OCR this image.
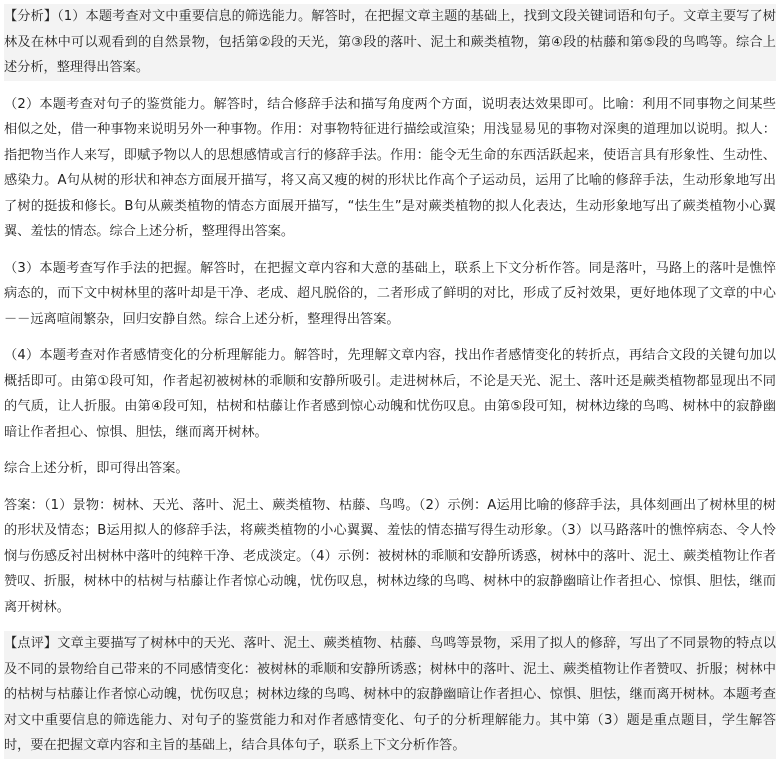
【分析】（1）本题考查对文中重要信息的筛选能力。解答时，在把握文章主题的基础上，找到文段关键词语和句子。文章主要写了树林及在林中可以观看到的自然景物，包括第②段的天光，第③段的落叶、泥土和蕨类植物，第④段的枯藤和第⑤段的鸟鸣等。综合上述分析，整理得出答案。

（2）本题考查对句子的鉴赏能力。解答时，结合修辞手法和描写角度两个方面，说明表达效果即可。比喻：利用不同事物之间某些相似之处，借一种事物来说明另外一种事物。作用：对事物特征进行描绘或渲染；用浅显易见的事物对深奥的道理加以说明。拟人：指把物当作人来写，即赋予物以人的思想感情或言行的修辞手法。作用：能令无生命的东西活跃起来，使语言具有形象性、生动性、感染力。A句从树的形状和神态方面展开描写，将又高又瘦的树的形状比作高个子运动员，运用了比喻的修辞手法，生动形象地写出了树的挺拔和修长。B句从蕨类植物的情态方面展开描写，“怯生生”是对蕨类植物的拟人化表达，生动形象地写出了蕨类植物小心翼翼、羞怯的情态。综合上述分析，整理得出答案。

（3）本题考查写作手法的把握。解答时，在把握文章内容和大意的基础上，联系上下文分析作答。同是落叶，马路上的落叶是憔悴病态的，而下文中树林里的落叶却是干净、老成、超凡脱俗的，二者形成了鲜明的对比，形成了反衬效果，更好地体现了文章的中心－－远离喧闹繁杂，回归安静自然。综合上述分析，整理得出答案。

（4）本题考查对作者感情变化的分析理解能力。解答时，先理解文章内容，找出作者感情变化的转折点，再结合文段的关键句加以概括即可。由第①段可知，作者起初被树林的乖顺和安静所吸引。走进树林后，不论是天光、泥土、落叶还是蕨类植物都显现出不同的气质，让人折服。由第④段可知，枯树和枯藤让作者感到惊心动魄和忧伤叹息。由第⑤段可知，树林边缘的鸟鸣、树林中的寂静幽暗让作者担心、惊惧、胆怯，继而离开树林。

综合上述分析，即可得出答案。

答案：（1）景物：树林、天光、落叶、泥土、蕨类植物、枯藤、鸟鸣。（2）示例：A运用比喻的修辞手法，具体刻画出了树林里的树的形状及情态；B运用拟人的修辞手法，将蕨类植物的小心翼翼、羞怯的情态描写得生动形象。（3）以马路落叶的憔悴病态、令人怜悯与伤感反衬出树林中落叶的纯粹干净、老成淡定。（4）示例：被树林的乖顺和安静所诱惑，树林中的落叶、泥土、蕨类植物让作者赞叹、折服，树林中的枯树与枯藤让作者惊心动魄，忧伤叹息，树林边缘的鸟鸣、树林中的寂静幽暗让作者担心、惊惧、胆怯，继而离开树林。

【点评】文章主要描写了树林中的天光、落叶、泥土、蕨类植物、枯藤、鸟鸣等景物，采用了拟人的修辞，写出了不同景物的特点以及不同的景物给自己带来的不同感情变化：被树林的乖顺和安静所诱惑；树林中的落叶、泥土、蕨类植物让作者赞叹、折服；树林中的枯树与枯藤让作者惊心动魄，忧伤叹息；树林边缘的鸟鸣、树林中的寂静幽暗让作者担心、惊惧、胆怯，继而离开树林。本题考查对文中重要信息的筛选能力、对句子的鉴赏能力和对作者感情变化、句子的分析理解能力。其中第（3）题是重点题目，学生解答时，要在把握文章内容和主旨的基础上，结合具体句子，联系上下文分析作答。
